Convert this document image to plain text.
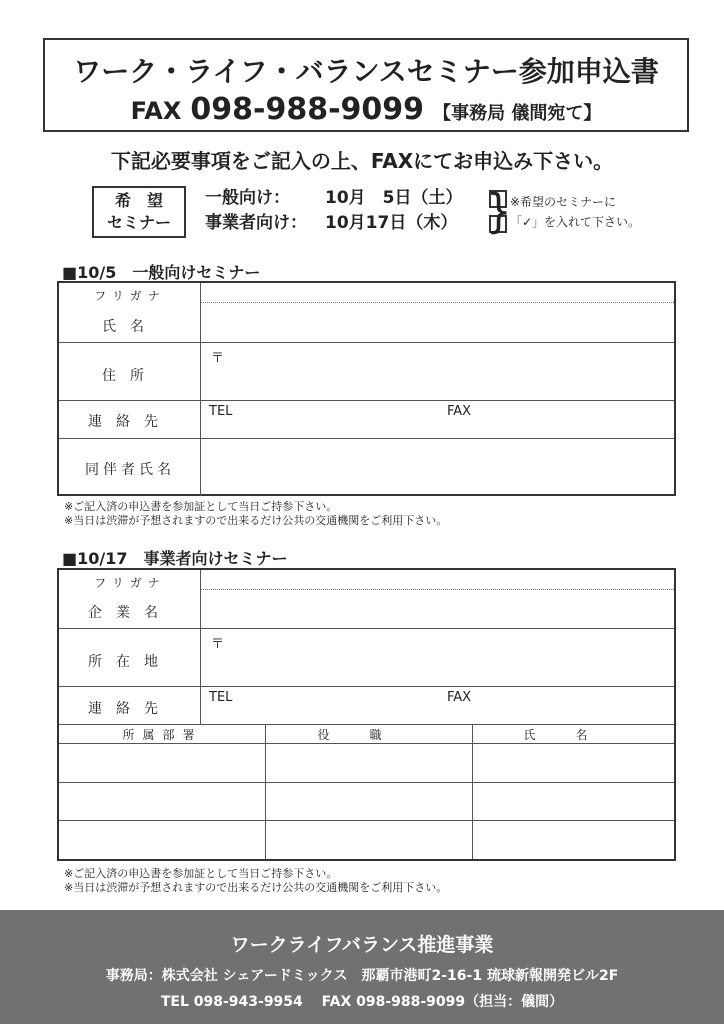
ワーク・ライフ・バランスセミナー参加申込書
FAX 098-988-9099 【事務局 儀間宛て】
下記必要事項をご記入の上、FAXにてお申込み下さい。
希　望
セミナー
一般向け：	10月　5日（土）
事業者向け：	10月17日（木） }
※希望のセミナーに
「✓」を入れて下さい。
■10/5　一般向けセミナー
フリガナ
氏名
住所
〒
連絡先
TEL	FAX
同伴者氏名
※ご記入済の申込書を参加証として当日ご持参下さい。
※当日は渋滞が予想されますので出来るだけ公共の交通機関をご利用下さい。
■10/17　事業者向けセミナー
フリガナ
企業名
所在地
〒
連絡先
TEL	FAX
所属部署	役職	氏名
※ご記入済の申込書を参加証として当日ご持参下さい。
※当日は渋滞が予想されますので出来るだけ公共の交通機関をご利用下さい。
ワークライフバランス推進事業
事務局：株式会社 シェアードミックス　那覇市港町2-16-1 琉球新報開発ビル2F
TEL 098-943-9954　 FAX 098-988-9099（担当：儀間）
